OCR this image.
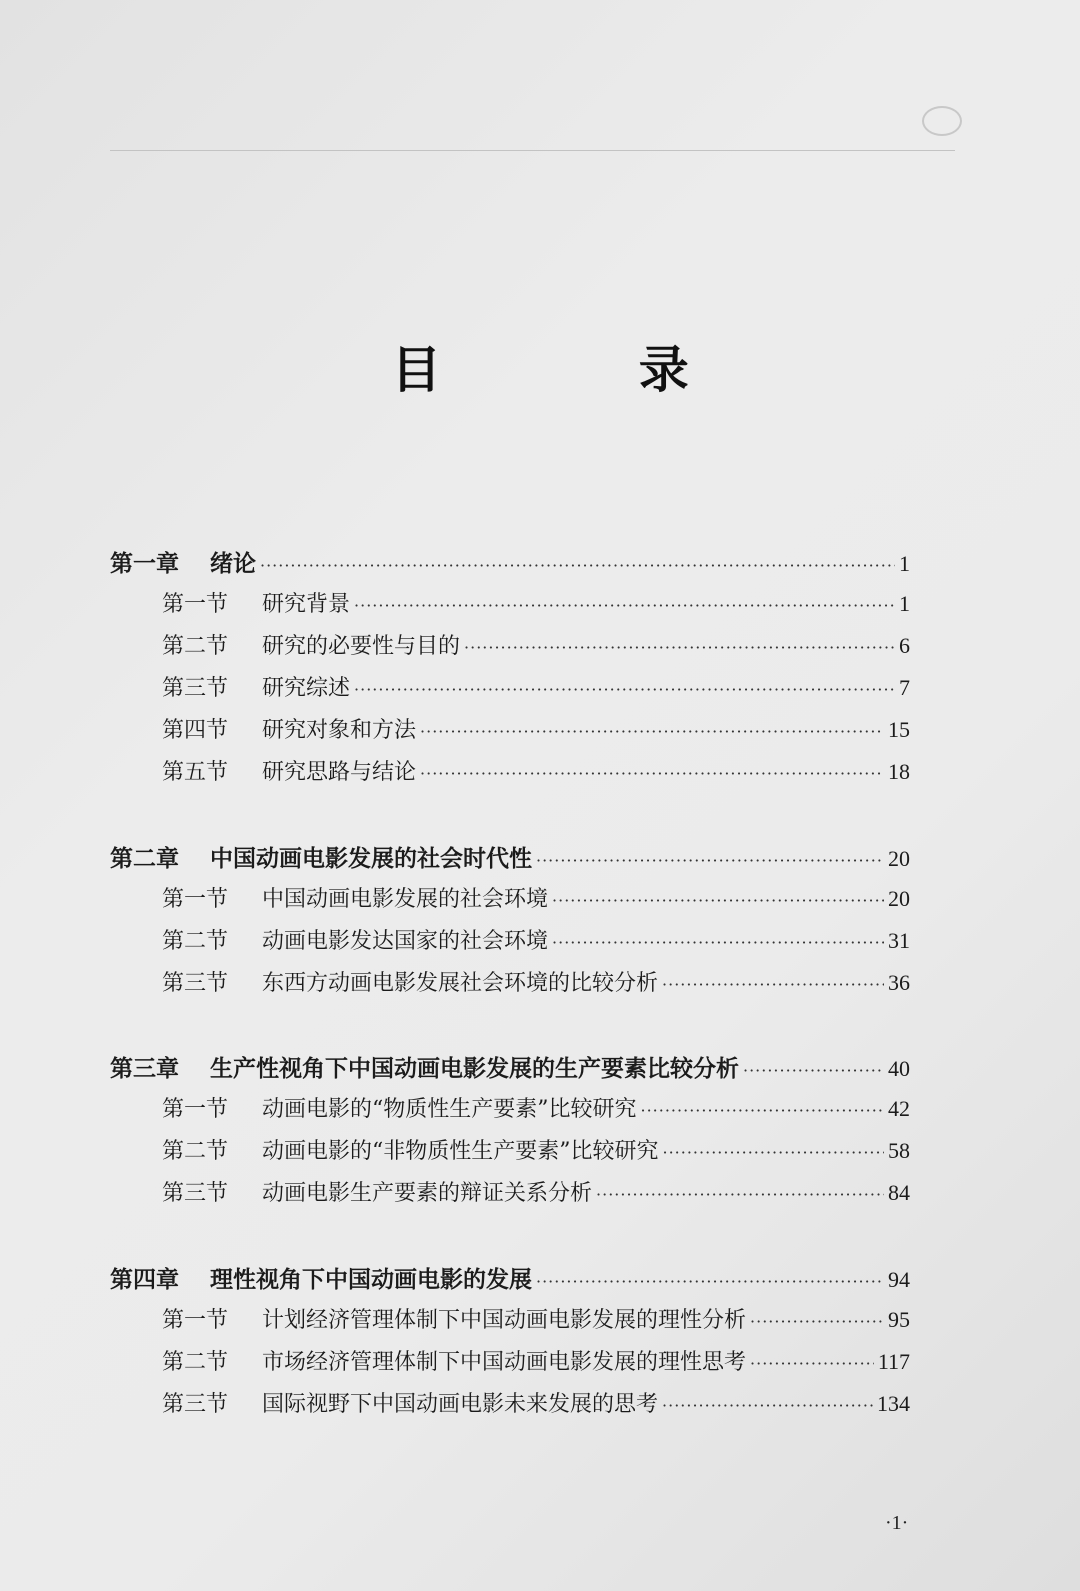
目 录
第一章 绪论 ·····	1
第一节 研究背景 ·····	1
第二节 研究的必要性与目的 ·····	6
第三节 研究综述 ·····	7
第四节 研究对象和方法 ·····	15
第五节 研究思路与结论 ·····	18
第二章 中国动画电影发展的社会时代性 ·····	20
第一节 中国动画电影发展的社会环境 ·····	20
第二节 动画电影发达国家的社会环境 ·····	31
第三节 东西方动画电影发展社会环境的比较分析 ·····	36
第三章 生产性视角下中国动画电影发展的生产要素比较分析 ·····	40
第一节 动画电影的“物质性生产要素”比较研究 ·····	42
第二节 动画电影的“非物质性生产要素”比较研究 ·····	58
第三节 动画电影生产要素的辩证关系分析 ·····	84
第四章 理性视角下中国动画电影的发展 ·····	94
第一节 计划经济管理体制下中国动画电影发展的理性分析 ·····	95
第二节 市场经济管理体制下中国动画电影发展的理性思考 ·····	117
第三节 国际视野下中国动画电影未来发展的思考 ·····	134
·1·
